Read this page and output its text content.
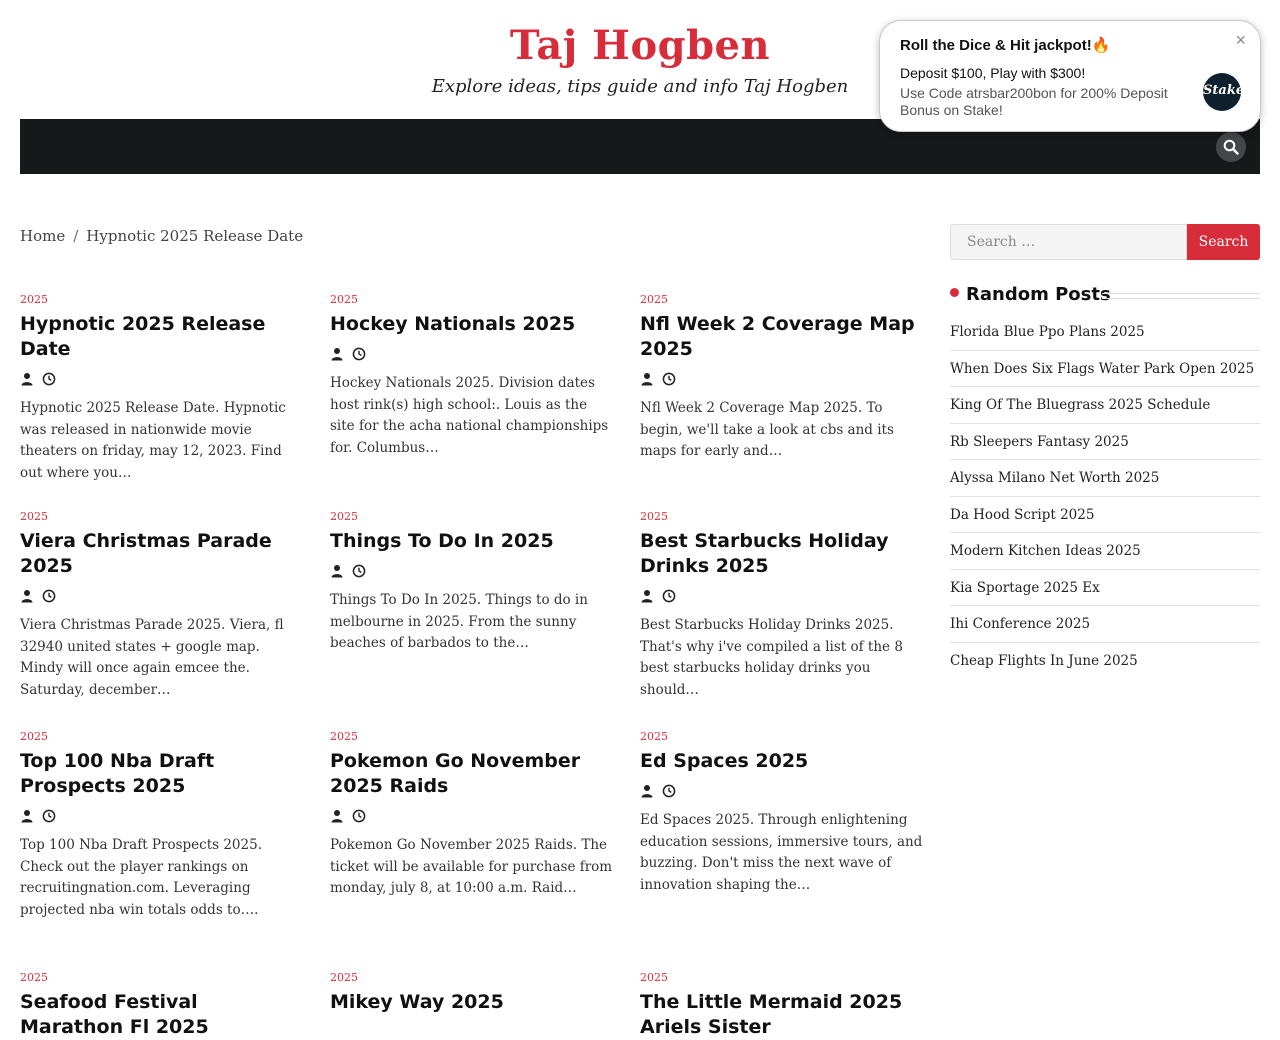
Taj Hogben
Explore ideas, tips guide and info Taj Hogben
Roll the Dice & Hit jackpot!🔥	×
Deposit $100, Play with $300!
Use Code atrsbar200bon for 200% Deposit Bonus on Stake!
Stake
Home / Hypnotic 2025 Release Date
2025
Hypnotic 2025 Release Date
Hypnotic 2025 Release Date. Hypnotic was released in nationwide movie theaters on friday, may 12, 2023. Find out where you…
2025
Hockey Nationals 2025
Hockey Nationals 2025. Division dates host rink(s) high school:. Louis as the site for the acha national championships for. Columbus…
2025
Nfl Week 2 Coverage Map 2025
Nfl Week 2 Coverage Map 2025. To begin, we'll take a look at cbs and its maps for early and…
2025
Viera Christmas Parade 2025
Viera Christmas Parade 2025. Viera, fl 32940 united states + google map. Mindy will once again emcee the. Saturday, december…
2025
Things To Do In 2025
Things To Do In 2025. Things to do in melbourne in 2025. From the sunny beaches of barbados to the…
2025
Best Starbucks Holiday Drinks 2025
Best Starbucks Holiday Drinks 2025. That's why i've compiled a list of the 8 best starbucks holiday drinks you should…
2025
Top 100 Nba Draft Prospects 2025
Top 100 Nba Draft Prospects 2025. Check out the player rankings on recruitingnation.com. Leveraging projected nba win totals odds to….
2025
Pokemon Go November 2025 Raids
Pokemon Go November 2025 Raids. The ticket will be available for purchase from monday, july 8, at 10:00 a.m. Raid…
2025
Ed Spaces 2025
Ed Spaces 2025. Through enlightening education sessions, immersive tours, and buzzing. Don't miss the next wave of innovation shaping the…
2025
Seafood Festival Marathon Fl 2025
2025
Mikey Way 2025
2025
The Little Mermaid 2025 Ariels Sister
Search …
Search
Random Posts
Florida Blue Ppo Plans 2025
When Does Six Flags Water Park Open 2025
King Of The Bluegrass 2025 Schedule
Rb Sleepers Fantasy 2025
Alyssa Milano Net Worth 2025
Da Hood Script 2025
Modern Kitchen Ideas 2025
Kia Sportage 2025 Ex
Ihi Conference 2025
Cheap Flights In June 2025
